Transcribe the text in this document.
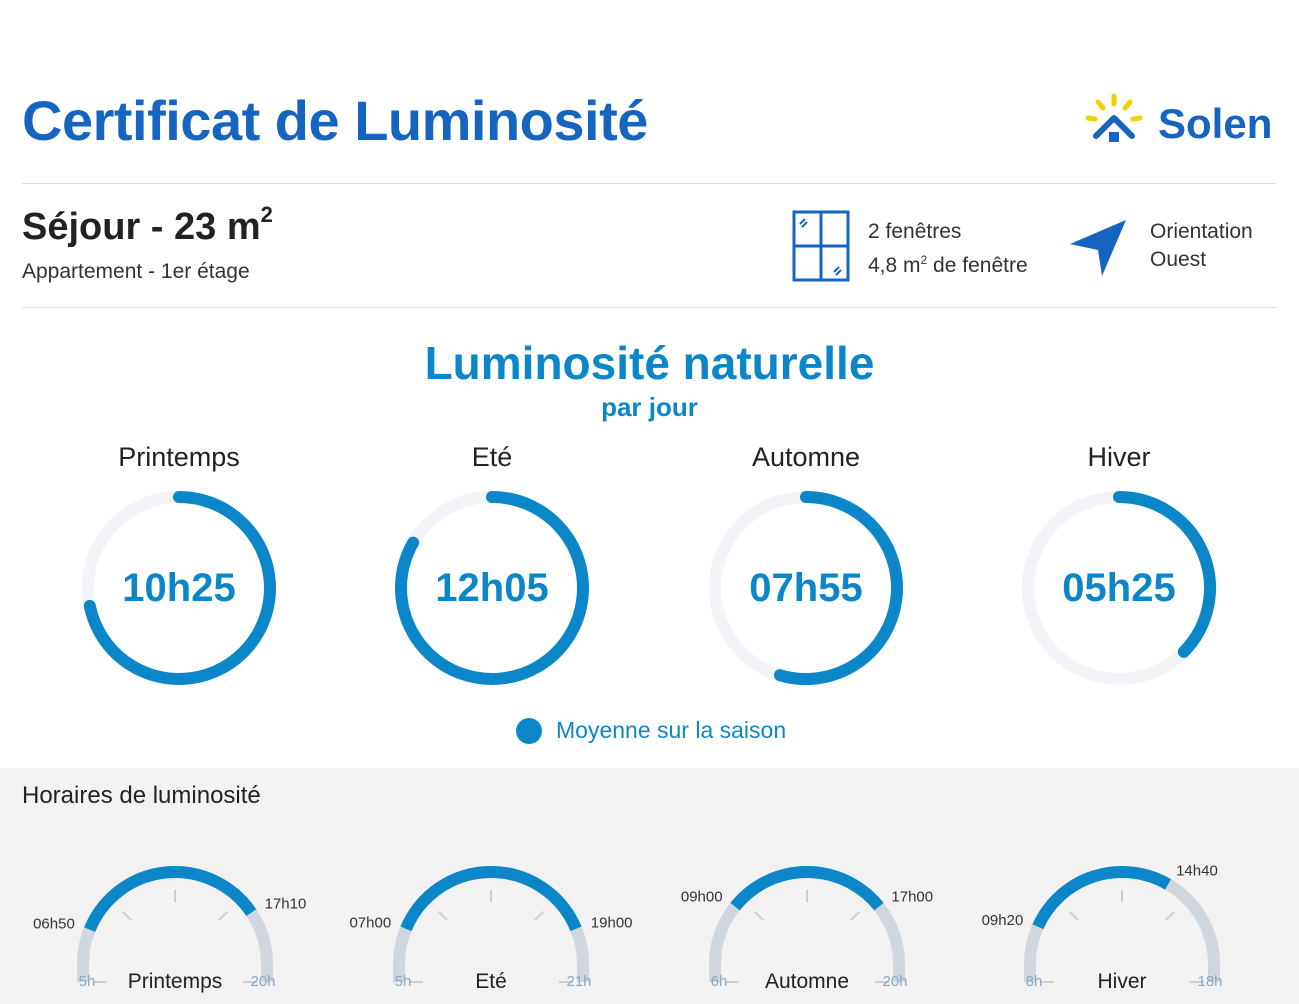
Certificat de Luminosité	Solen
Séjour - 23 $m^2$
Appartement - 1er étage
2 fenêtres
4,8 $m^2$ de fenêtre
Orientation
Ouest
Luminosité naturelle
par jour
Printemps	Eté	Automne	Hiver
10h25	12h05	07h55	05h25
Moyenne sur la saison
Horaires de luminosité
06h50
17h10
5h	20h
07h00	19h00
5h	21h
09h00	17h00
6h	20h
09h20
14h40
8h	18h
Printemps	Eté	Automne	Hiver
